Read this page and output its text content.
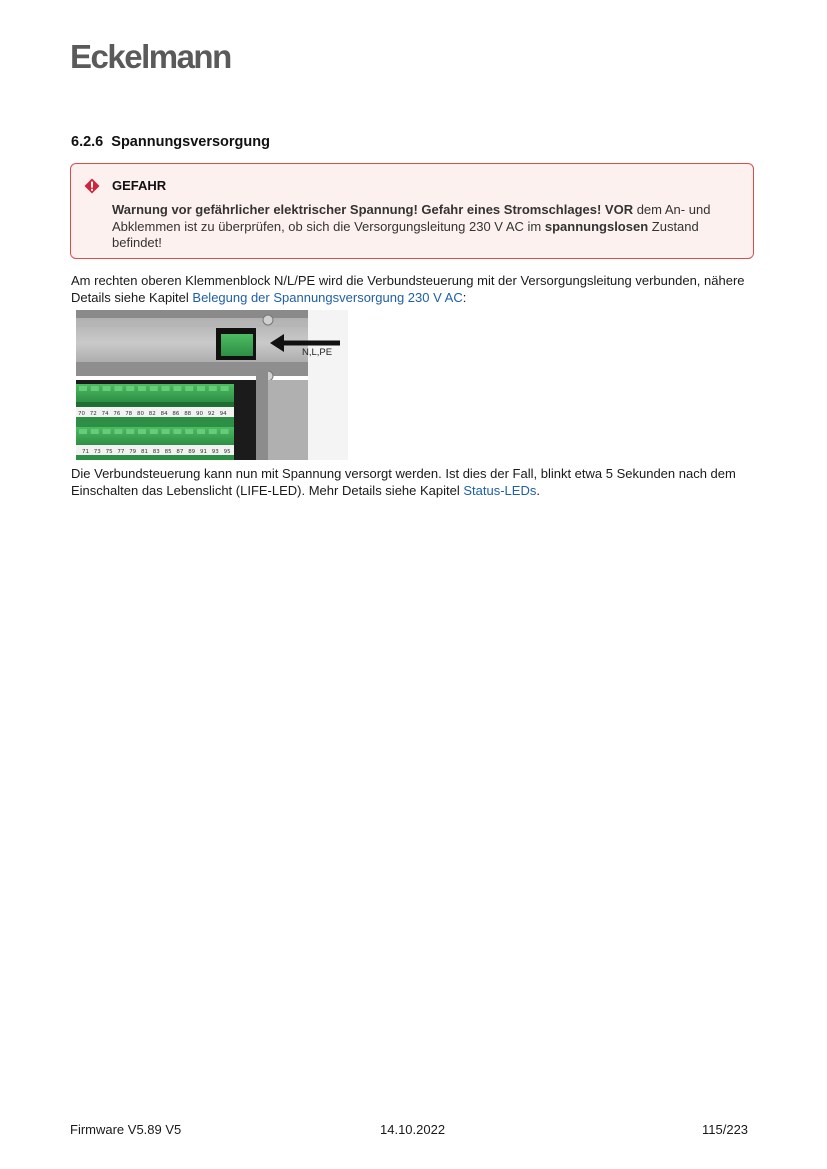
Eckelmann
6.2.6 Spannungsversorgung
GEFAHR
Warnung vor gefährlicher elektrischer Spannung! Gefahr eines Stromschlages! VOR dem An- und Abklemmen ist zu überprüfen, ob sich die Versorgungsleitung 230 V AC im spannungslosen Zustand befindet!

Am rechten oberen Klemmenblock N/L/PE wird die Verbundsteuerung mit der Versorgungsleitung verbunden, nähere Details siehe Kapitel Belegung der Spannungsversorgung 230 V AC:

70 72 74 76 78 80 82 84 86 88 90 92 94
71 73 75 77 79 81 83 85 87 89 91 93 95
N,L,PE

Die Verbundsteuerung kann nun mit Spannung versorgt werden. Ist dies der Fall, blinkt etwa 5 Sekunden nach dem Einschalten das Lebenslicht (LIFE-LED). Mehr Details siehe Kapitel Status-LEDs.

Firmware V5.89 V5	14.10.2022	115/223
